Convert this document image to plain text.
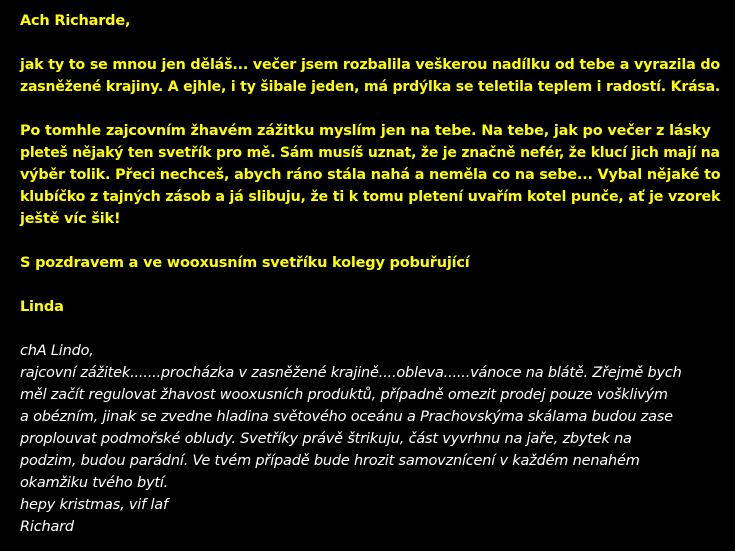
Ach Richarde,
jak ty to se mnou jen děláš... večer jsem rozbalila veškerou nadílku od tebe a vyrazila do
zasněžené krajiny. A ejhle, i ty šibale jeden, má prdýlka se teletila teplem i radostí. Krása.
Po tomhle zajcovním žhavém zážitku myslím jen na tebe. Na tebe, jak po večer z lásky
pleteš nějaký ten svetřík pro mě. Sám musíš uznat, že je značně nefér, že klucí jich mají na
výběr tolik. Přeci nechceš, abych ráno stála nahá a neměla co na sebe... Vybal nějaké to
klubíčko z tajných zásob a já slibuju, že ti k tomu pletení uvařím kotel punče, ať je vzorek
ještě víc šik!
S pozdravem a ve wooxusním svetříku kolegy pobuřující
Linda
chA Lindo,
rajcovní zážitek.......procházka v zasněžené krajině....obleva......vánoce na blátě. Zřejmě bych
měl začít regulovat žhavost wooxusních produktů, případně omezit prodej pouze vošklivým
a obézním, jinak se zvedne hladina světového oceánu a Prachovskýma skálama budou zase
proplouvat podmořské obludy. Svetříky právě štrikuju, část vyvrhnu na jaře, zbytek na
podzim, budou parádní. Ve tvém případě bude hrozit samovznícení v každém nenahém
okamžiku tvého bytí.
hepy kristmas, vif laf
Richard
